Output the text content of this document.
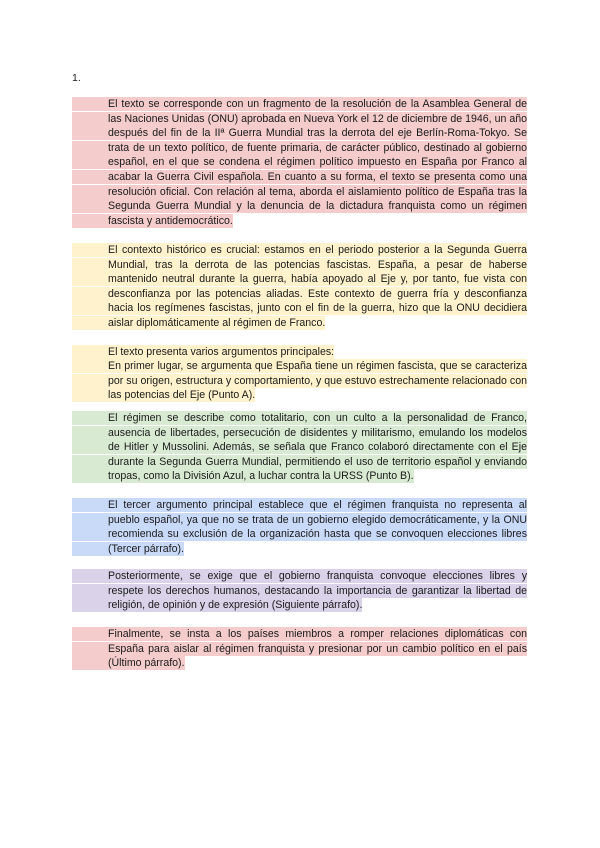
1.

El texto se corresponde con un fragmento de la resolución de la Asamblea General de las Naciones Unidas (ONU) aprobada en Nueva York el 12 de diciembre de 1946, un año después del fin de la IIª Guerra Mundial tras la derrota del eje Berlín-Roma-Tokyo. Se trata de un texto político, de fuente primaria, de carácter público, destinado al gobierno español, en el que se condena el régimen político impuesto en España por Franco al acabar la Guerra Civil española. En cuanto a su forma, el texto se presenta como una resolución oficial. Con relación al tema, aborda el aislamiento político de España tras la Segunda Guerra Mundial y la denuncia de la dictadura franquista como un régimen fascista y antidemocrático.

El contexto histórico es crucial: estamos en el periodo posterior a la Segunda Guerra Mundial, tras la derrota de las potencias fascistas. España, a pesar de haberse mantenido neutral durante la guerra, había apoyado al Eje y, por tanto, fue vista con desconfianza por las potencias aliadas. Este contexto de guerra fría y desconfianza hacia los regímenes fascistas, junto con el fin de la guerra, hizo que la ONU decidiera aislar diplomáticamente al régimen de Franco.

El texto presenta varios argumentos principales:

En primer lugar, se argumenta que España tiene un régimen fascista, que se caracteriza por su origen, estructura y comportamiento, y que estuvo estrechamente relacionado con las potencias del Eje (Punto A).

El régimen se describe como totalitario, con un culto a la personalidad de Franco, ausencia de libertades, persecución de disidentes y militarismo, emulando los modelos de Hitler y Mussolini. Además, se señala que Franco colaboró directamente con el Eje durante la Segunda Guerra Mundial, permitiendo el uso de territorio español y enviando tropas, como la División Azul, a luchar contra la URSS (Punto B).

El tercer argumento principal establece que el régimen franquista no representa al pueblo español, ya que no se trata de un gobierno elegido democráticamente, y la ONU recomienda su exclusión de la organización hasta que se convoquen elecciones libres (Tercer párrafo).

Posteriormente, se exige que el gobierno franquista convoque elecciones libres y respete los derechos humanos, destacando la importancia de garantizar la libertad de religión, de opinión y de expresión (Siguiente párrafo).

Finalmente, se insta a los países miembros a romper relaciones diplomáticas con España para aislar al régimen franquista y presionar por un cambio político en el país (Último párrafo).
